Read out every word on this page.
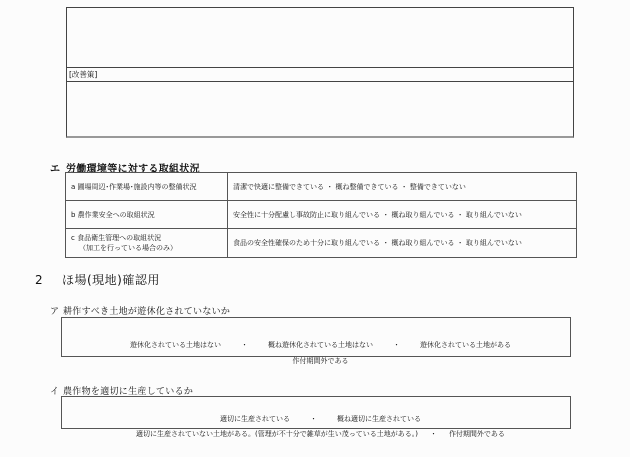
[改善策]
エ 労働環境等に対する取組状況
a 圃場周辺･作業場･施設内等の整備状況	清潔で快適に整備できている ・ 概ね整備できている ・ 整備できていない
b 農作業安全への取組状況	安全性に十分配慮し事故防止に取り組んでいる ・ 概ね取り組んでいる ・ 取り組んでいない

c 食品衛生管理への取組状況
（加工を行っている場合のみ）	食品の安全性確保のため十分に取り組んでいる ・ 概ね取り組んでいる ・ 取り組んでいない
2 ほ場(現地)確認用
ア 耕作すべき土地が遊休化されていないか

遊休化されている土地はない	・	概ね遊休化されている土地はない	・	遊休化されている土地がある

作付期間外である

イ 農作物を適切に生産しているか

適切に生産されている	・	概ね適切に生産されている

適切に生産されていない土地がある。(管理が不十分で雑草が生い茂っている土地がある。) ・ 作付期間外である
